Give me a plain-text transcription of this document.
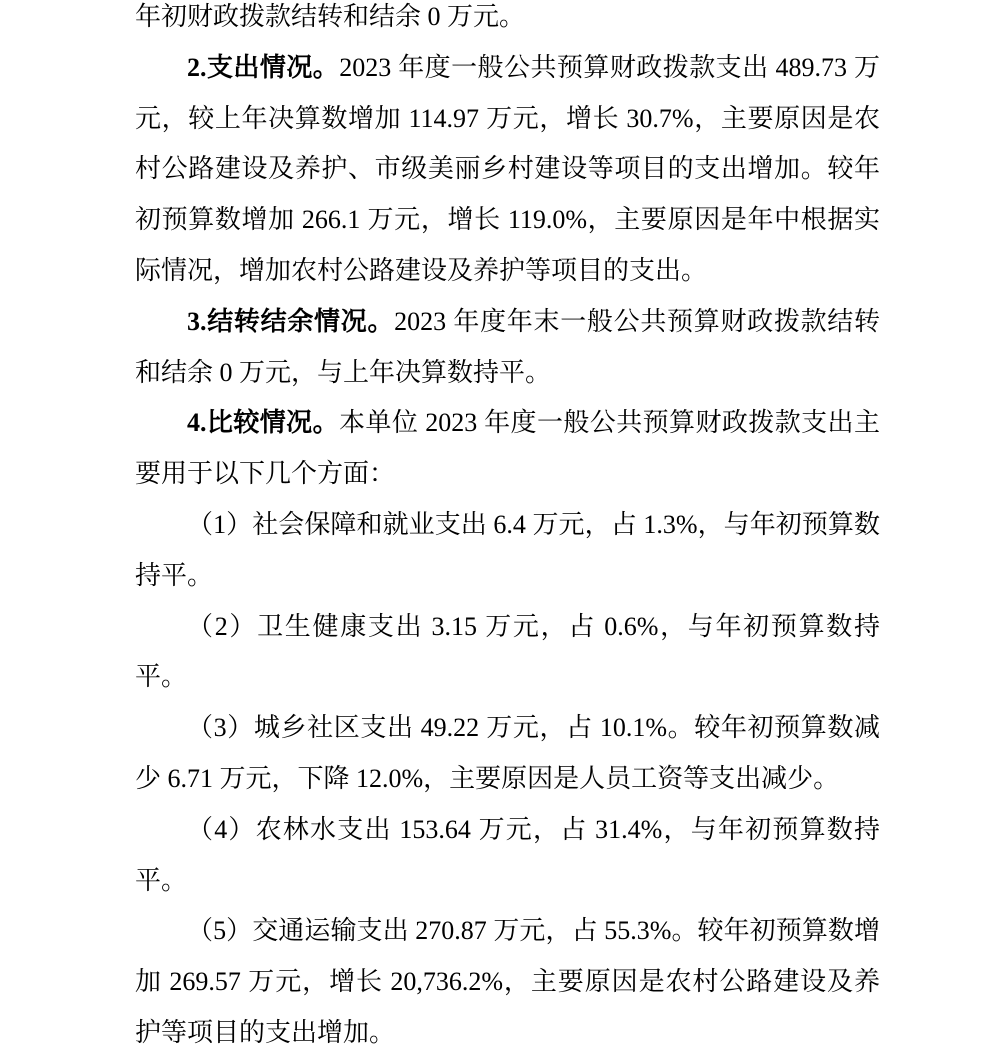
年初财政拨款结转和结余 0 万元。

2.支出情况。2023 年度一般公共预算财政拨款支出 489.73 万元，较上年决算数增加 114.97 万元，增长 30.7%，主要原因是农村公路建设及养护、市级美丽乡村建设等项目的支出增加。较年初预算数增加 266.1 万元，增长 119.0%，主要原因是年中根据实际情况，增加农村公路建设及养护等项目的支出。

3.结转结余情况。2023 年度年末一般公共预算财政拨款结转和结余 0 万元，与上年决算数持平。

4.比较情况。本单位 2023 年度一般公共预算财政拨款支出主要用于以下几个方面：

（1）社会保障和就业支出 6.4 万元，占 1.3%，与年初预算数持平。

（2）卫生健康支出 3.15 万元，占 0.6%，与年初预算数持平。

（3）城乡社区支出 49.22 万元，占 10.1%。较年初预算数减少 6.71 万元，下降 12.0%，主要原因是人员工资等支出减少。

（4）农林水支出 153.64 万元，占 31.4%，与年初预算数持平。

（5）交通运输支出 270.87 万元，占 55.3%。较年初预算数增加 269.57 万元，增长 20,736.2%，主要原因是农村公路建设及养护等项目的支出增加。
